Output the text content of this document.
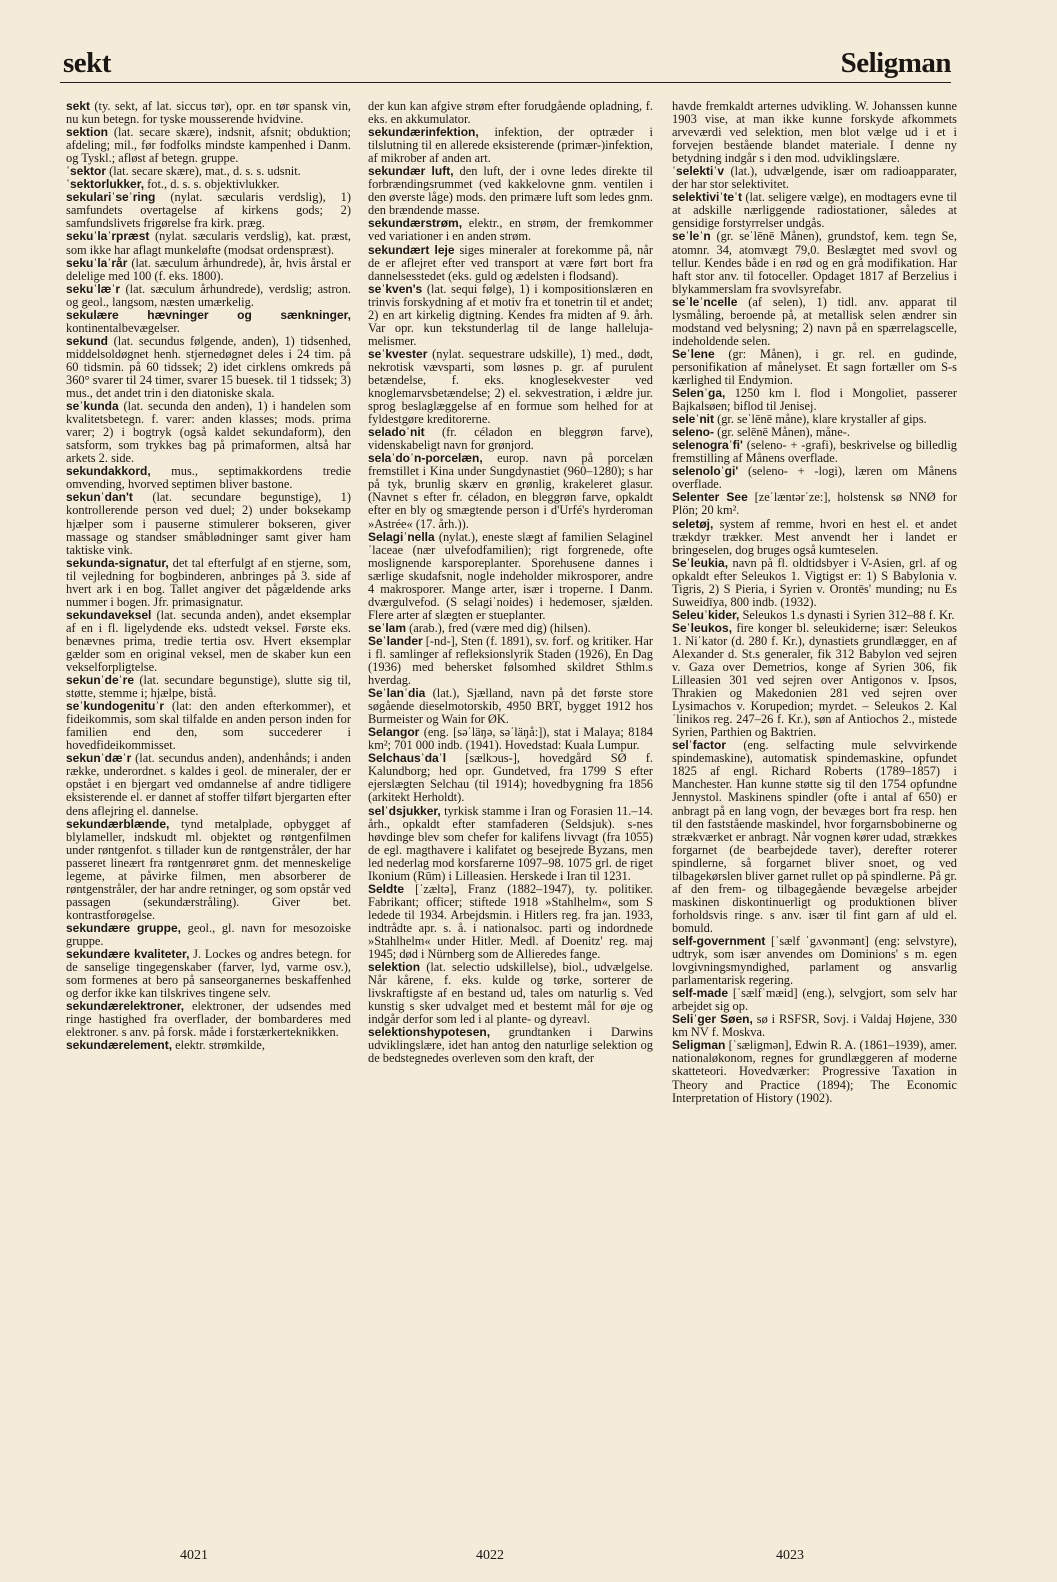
sekt	Seligman
sekt (ty. sekt, af lat. siccus tør), opr. en tør spansk vin, nu kun betegn. for tyske mousserende hvidvine.
sektion (lat. secare skære), indsnit, afsnit; obduktion; afdeling; mil., før fodfolks mindste kampenhed i Danm. og Tyskl.; afløst af betegn. gruppe.
ˈsektor (lat. secare skære), mat., d. s. s. udsnit.
ˈsektorlukker, fot., d. s. s. objektivlukker.
sekulariˈseˈring (nylat. sæcularis verdslig), 1) samfundets overtagelse af kirkens gods; 2) samfundslivets frigørelse fra kirk. præg.
sekuˈlaˈrpræst (nylat. sæcularis verdslig), kat. præst, som ikke har aflagt munkeløfte (modsat ordenspræst).
sekuˈlaˈrår (lat. sæculum århundrede), år, hvis årstal er delelige med 100 (f. eks. 1800).
sekuˈlæˈr (lat. sæculum århundrede), verdslig; astron. og geol., langsom, næsten umærkelig.
sekulære hævninger og sænkninger, kontinentalbevægelser.
sekund (lat. secundus følgende, anden), 1) tidsenhed, middelsoldøgnet henh. stjernedøgnet deles i 24 tim. på 60 tidsmin. på 60 tidssek; 2) idet cirklens omkreds på 360° svarer til 24 timer, svarer 15 buesek. til 1 tidssek; 3) mus., det andet trin i den diatoniske skala.
seˈkunda (lat. secunda den anden), 1) i handelen som kvalitetsbetegn. f. varer: anden klasses; mods. prima varer; 2) i bogtryk (også kaldet sekundaform), den satsform, som trykkes bag på primaformen, altså har arkets 2. side.
sekundakkord, mus., septimakkordens tredie omvending, hvorved septimen bliver bastone.
sekunˈdan't (lat. secundare begunstige), 1) kontrollerende person ved duel; 2) under boksekamp hjælper som i pauserne stimulerer bokseren, giver massage og standser småblødninger samt giver ham taktiske vink.
sekunda-signatur, det tal efterfulgt af en stjerne, som, til vejledning for bogbinderen, anbringes på 3. side af hvert ark i en bog. Tallet angiver det pågældende arks nummer i bogen. Jfr. primasignatur.
sekundaveksel (lat. secunda anden), andet eksemplar af en i fl. ligelydende eks. udstedt veksel. Første eks. benævnes prima, tredie tertia osv. Hvert eksemplar gælder som en original veksel, men de skaber kun een vekselforpligtelse.
sekunˈdeˈre (lat. secundare begunstige), slutte sig til, støtte, stemme i; hjælpe, bistå.
seˈkundogenituˈr (lat: den anden efterkommer), et fideikommis, som skal tilfalde en anden person inden for familien end den, som succederer i hovedfideikommisset.
sekunˈdæˈr (lat. secundus anden), andenhånds; i anden række, underordnet. s kaldes i geol. de mineraler, der er opstået i en bjergart ved omdannelse af andre tidligere eksisterende el. er dannet af stoffer tilført bjergarten efter dens aflejring el. dannelse.
sekundærblænde, tynd metalplade, opbygget af blylameller, indskudt ml. objektet og røntgenfilmen under røntgenfot. s tillader kun de røntgenstråler, der har passeret lineært fra røntgenrøret gnm. det menneskelige legeme, at påvirke filmen, men absorberer de røntgenstråler, der har andre retninger, og som opstår ved passagen (sekundærstråling). Giver bet. kontrastforøgelse.
sekundære gruppe, geol., gl. navn for mesozoiske gruppe.
sekundære kvaliteter, J. Lockes og andres betegn. for de sanselige tingegenskaber (farver, lyd, varme osv.), som formenes at bero på sanseorganernes beskaffenhed og derfor ikke kan tilskrives tingene selv.
sekundærelektroner, elektroner, der udsendes med ringe hastighed fra overflader, der bombarderes med elektroner. s anv. på forsk. måde i forstærkerteknikken.
sekundærelement, elektr. strømkilde,
der kun kan afgive strøm efter forudgående opladning, f. eks. en akkumulator.
sekundærinfektion, infektion, der optræder i tilslutning til en allerede eksisterende (primær-)infektion, af mikrober af anden art.
sekundær luft, den luft, der i ovne ledes direkte til forbrændingsrummet (ved kakkelovne gnm. ventilen i den øverste låge) mods. den primære luft som ledes gnm. den brændende masse.
sekundærstrøm, elektr., en strøm, der fremkommer ved variationer i en anden strøm.
sekundært leje siges mineraler at forekomme på, når de er aflejret efter ved transport at være ført bort fra dannelsesstedet (eks. guld og ædelsten i flodsand).
seˈkven's (lat. sequi følge), 1) i kompositionslæren en trinvis forskydning af et motiv fra et tonetrin til et andet; 2) en art kirkelig digtning. Kendes fra midten af 9. årh. Var opr. kun tekstunderlag til de lange halleluja-melismer.
seˈkvester (nylat. sequestrare udskille), 1) med., dødt, nekrotisk vævsparti, som løsnes p. gr. af purulent betændelse, f. eks. knoglesekvester ved knoglemarvsbetændelse; 2) el. sekvestration, i ældre jur. sprog beslaglæggelse af en formue som helhed for at fyldestgøre kreditorerne.
seladoˈnit (fr. céladon en bleggrøn farve), videnskabeligt navn for grønjord.
selaˈdoˈn-porcelæn, europ. navn på porcelæn fremstillet i Kina under Sungdynastiet (960–1280); s har på tyk, brunlig skærv en grønlig, krakeleret glasur. (Navnet s efter fr. céladon, en bleggrøn farve, opkaldt efter en bly og smægtende person i d'Urfé's hyrderoman »Astrée« (17. årh.)).
Selagiˈnella (nylat.), eneste slægt af familien Selaginelˈlaceae (nær ulvefodfamilien); rigt forgrenede, ofte moslignende karsporeplanter. Sporehusene dannes i særlige skudafsnit, nogle indeholder mikrosporer, andre 4 makrosporer. Mange arter, især i troperne. I Danm. dværgulvefod. (S selagiˈnoides) i hedemoser, sjælden. Flere arter af slægten er stueplanter.
seˈlam (arab.), fred (være med dig) (hilsen).
Seˈlander [-nd-], Sten (f. 1891), sv. forf. og kritiker. Har i fl. samlinger af refleksionslyrik Staden (1926), En Dag (1936) med behersket følsomhed skildret Sthlm.s hverdag.
Seˈlanˈdia (lat.), Sjælland, navn på det første store søgående dieselmotorskib, 4950 BRT, bygget 1912 hos Burmeister og Wain for ØK.
Selangor (eng. [səˈläŋə, səˈläŋå:]), stat i Malaya; 8184 km²; 701 000 indb. (1941). Hovedstad: Kuala Lumpur.
Selchausˈdaˈl [sælkɔus-], hovedgård SØ f. Kalundborg; hed opr. Gundetved, fra 1799 S efter ejerslægten Selchau (til 1914); hovedbygning fra 1856 (arkitekt Herholdt).
selˈdsjukker, tyrkisk stamme i Iran og Forasien 11.–14. årh., opkaldt efter stamfaderen (Seldsjuk). s-nes høvdinge blev som chefer for kalifens livvagt (fra 1055) de egl. magthavere i kalifatet og besejrede Byzans, men led nederlag mod korsfarerne 1097–98. 1075 grl. de riget Ikonium (Rūm) i Lilleasien. Herskede i Iran til 1231.
Seldte [ˈzæltə], Franz (1882–1947), ty. politiker. Fabrikant; officer; stiftede 1918 »Stahlhelm«, som S ledede til 1934. Arbejdsmin. i Hitlers reg. fra jan. 1933, indtrådte apr. s. å. i nationalsoc. parti og indordnede »Stahlhelm« under Hitler. Medl. af Doenitz' reg. maj 1945; død i Nürnberg som de Allieredes fange.
selektion (lat. selectio udskillelse), biol., udvælgelse. Når kårene, f. eks. kulde og tørke, sorterer de livskraftigste af en bestand ud, tales om naturlig s. Ved kunstig s sker udvalget med et bestemt mål for øje og indgår derfor som led i al plante- og dyreavl.
selektionshypotesen, grundtanken i Darwins udviklingslære, idet han antog den naturlige selektion og de bedstegnedes overleven som den kraft, der
havde fremkaldt arternes udvikling. W. Johanssen kunne 1903 vise, at man ikke kunne forskyde afkommets arveværdi ved selektion, men blot vælge ud i et i forvejen bestående blandet materiale. I denne ny betydning indgår s i den mod. udviklingslære.
ˈselektiˈv (lat.), udvælgende, især om radioapparater, der har stor selektivitet.
selektiviˈteˈt (lat. seligere vælge), en modtagers evne til at adskille nærliggende radiostationer, således at gensidige forstyrrelser undgås.
seˈleˈn (gr. seˈlēnē Månen), grundstof, kem. tegn Se, atomnr. 34, atomvægt 79,0. Beslægtet med svovl og tellur. Kendes både i en rød og en grå modifikation. Har haft stor anv. til fotoceller. Opdaget 1817 af Berzelius i blykammerslam fra svovlsyrefabr.
seˈleˈncelle (af selen), 1) tidl. anv. apparat til lysmåling, beroende på, at metallisk selen ændrer sin modstand ved belysning; 2) navn på en spærrelagscelle, indeholdende selen.
Seˈlene (gr: Månen), i gr. rel. en gudinde, personifikation af månelyset. Et sagn fortæller om S-s kærlighed til Endymion.
Selenˈga, 1250 km l. flod i Mongoliet, passerer Bajkalsøen; biflod til Jenisej.
seleˈnit (gr. seˈlēnē måne), klare krystaller af gips.
seleno- (gr. selēnē Månen), måne-.
selenograˈfi' (seleno- + -grafi), beskrivelse og billedlig fremstilling af Månens overflade.
selenoloˈgi' (seleno- + -logi), læren om Månens overflade.
Selenter See [zeˈlæntərˈze:], holstensk sø NNØ for Plön; 20 km².
seletøj, system af remme, hvori en hest el. et andet trækdyr trækker. Mest anvendt her i landet er bringeselen, dog bruges også kumteselen.
Seˈleukia, navn på fl. oldtidsbyer i V-Asien, grl. af og opkaldt efter Seleukos 1. Vigtigst er: 1) S Babylonia v. Tigris, 2) S Pieria, i Syrien v. Orontēs' munding; nu Es Suweidīya, 800 indb. (1932).
Seleuˈkider, Seleukos 1.s dynasti i Syrien 312–88 f. Kr.
Seˈleukos, fire konger bl. seleukiderne; især: Seleukos 1. Niˈkator (d. 280 f. Kr.), dynastiets grundlægger, en af Alexander d. St.s generaler, fik 312 Babylon ved sejren v. Gaza over Demetrios, konge af Syrien 306, fik Lilleasien 301 ved sejren over Antigonos v. Ipsos, Thrakien og Makedonien 281 ved sejren over Lysimachos v. Korupedion; myrdet. – Seleukos 2. Kalˈlinikos reg. 247–26 f. Kr.), søn af Antiochos 2., mistede Syrien, Parthien og Baktrien.
selˈfactor (eng. selfacting mule selvvirkende spindemaskine), automatisk spindemaskine, opfundet 1825 af engl. Richard Roberts (1789–1857) i Manchester. Han kunne støtte sig til den 1754 opfundne Jennystol. Maskinens spindler (ofte i antal af 650) er anbragt på en lang vogn, der bevæges bort fra resp. hen til den faststående maskindel, hvor forgarnsbobinerne og strækværket er anbragt. Når vognen kører udad, strækkes forgarnet (de bearbejdede taver), derefter roterer spindlerne, så forgarnet bliver snoet, og ved tilbagekørslen bliver garnet rullet op på spindlerne. På gr. af den frem- og tilbagegående bevægelse arbejder maskinen diskontinuerligt og produktionen bliver forholdsvis ringe. s anv. især til fint garn af uld el. bomuld.
self-government [ˈsælf ˈgʌvənmənt] (eng: selvstyre), udtryk, som især anvendes om Dominions' s m. egen lovgivningsmyndighed, parlament og ansvarlig parlamentarisk regering.
self-made [ˈsælfˈmæid] (eng.), selvgjort, som selv har arbejdet sig op.
Seliˈger Søen, sø i RSFSR, Sovj. i Valdaj Højene, 330 km NV f. Moskva.
Seligman [ˈsæligmən], Edwin R. A. (1861–1939), amer. nationaløkonom, regnes for grundlæggeren af moderne skatteteori. Hovedværker: Progressive Taxation in Theory and Practice (1894); The Economic Interpretation of History (1902).
4021	4022	4023
